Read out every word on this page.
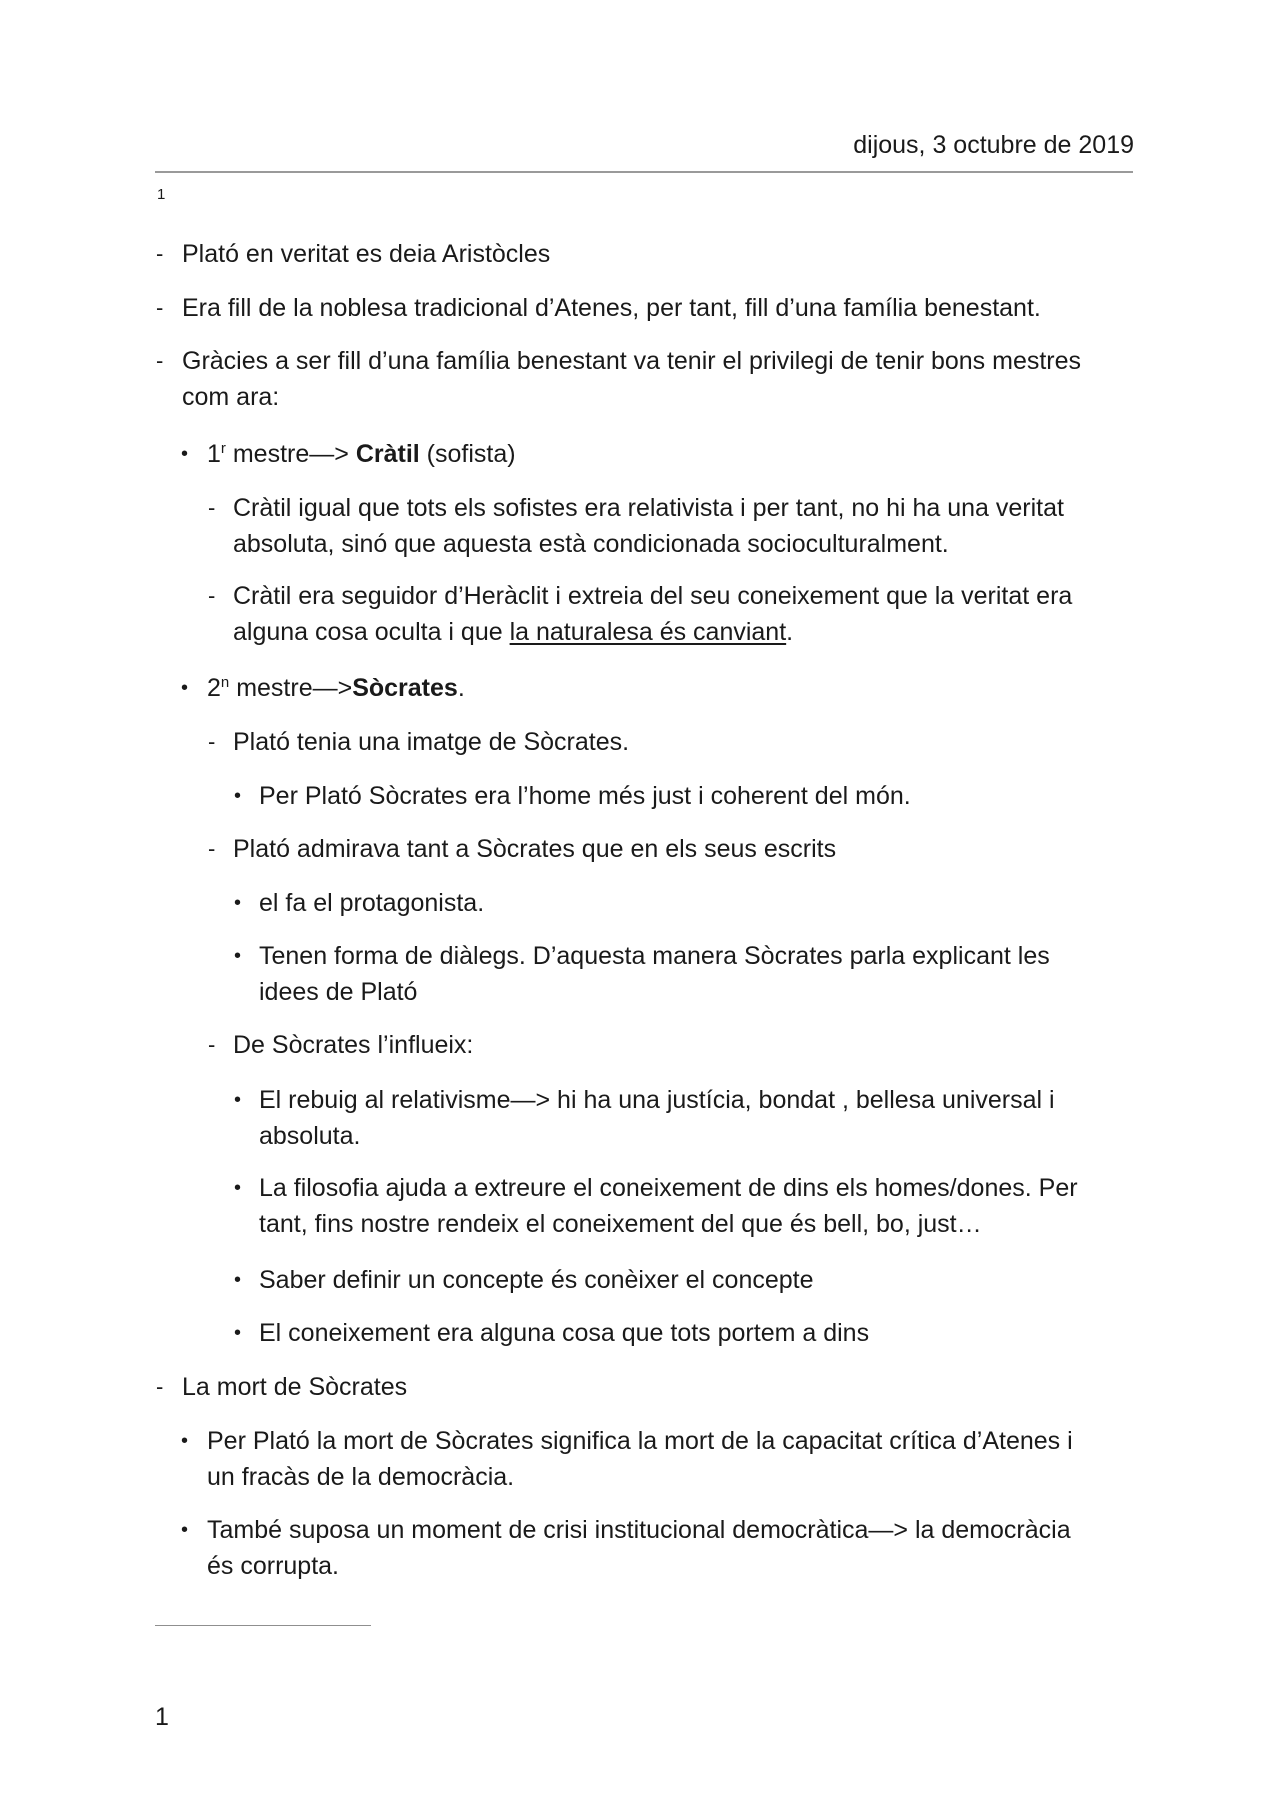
dijous, 3 octubre de 2019
1
- Plató en veritat es deia Aristòcles
- Era fill de la noblesa tradicional d’Atenes, per tant, fill d’una família benestant.
- Gràcies a ser fill d’una família benestant va tenir el privilegi de tenir bons mestres
com ara:
• 1$^r$ mestre—> Cràtil (sofista)
- Cràtil igual que tots els sofistes era relativista i per tant, no hi ha una veritat
absoluta, sinó que aquesta està condicionada socioculturalment.
- Cràtil era seguidor d’Heràclit i extreia del seu coneixement que la veritat era
alguna cosa oculta i que la naturalesa és canviant.
• 2$^n$ mestre—>Sòcrates.
- Plató tenia una imatge de Sòcrates.
• Per Plató Sòcrates era l’home més just i coherent del món.
- Plató admirava tant a Sòcrates que en els seus escrits
• el fa el protagonista.
• Tenen forma de diàlegs. D’aquesta manera Sòcrates parla explicant les
idees de Plató
- De Sòcrates l’influeix:
• El rebuig al relativisme—> hi ha una justícia, bondat , bellesa universal i
absoluta.
• La filosofia ajuda a extreure el coneixement de dins els homes/dones. Per
tant, fins nostre rendeix el coneixement del que és bell, bo, just…
• Saber definir un concepte és conèixer el concepte
• El coneixement era alguna cosa que tots portem a dins
- La mort de Sòcrates
• Per Plató la mort de Sòcrates significa la mort de la capacitat crítica d’Atenes i
un fracàs de la democràcia.
• També suposa un moment de crisi institucional democràtica—> la democràcia
és corrupta.
1
